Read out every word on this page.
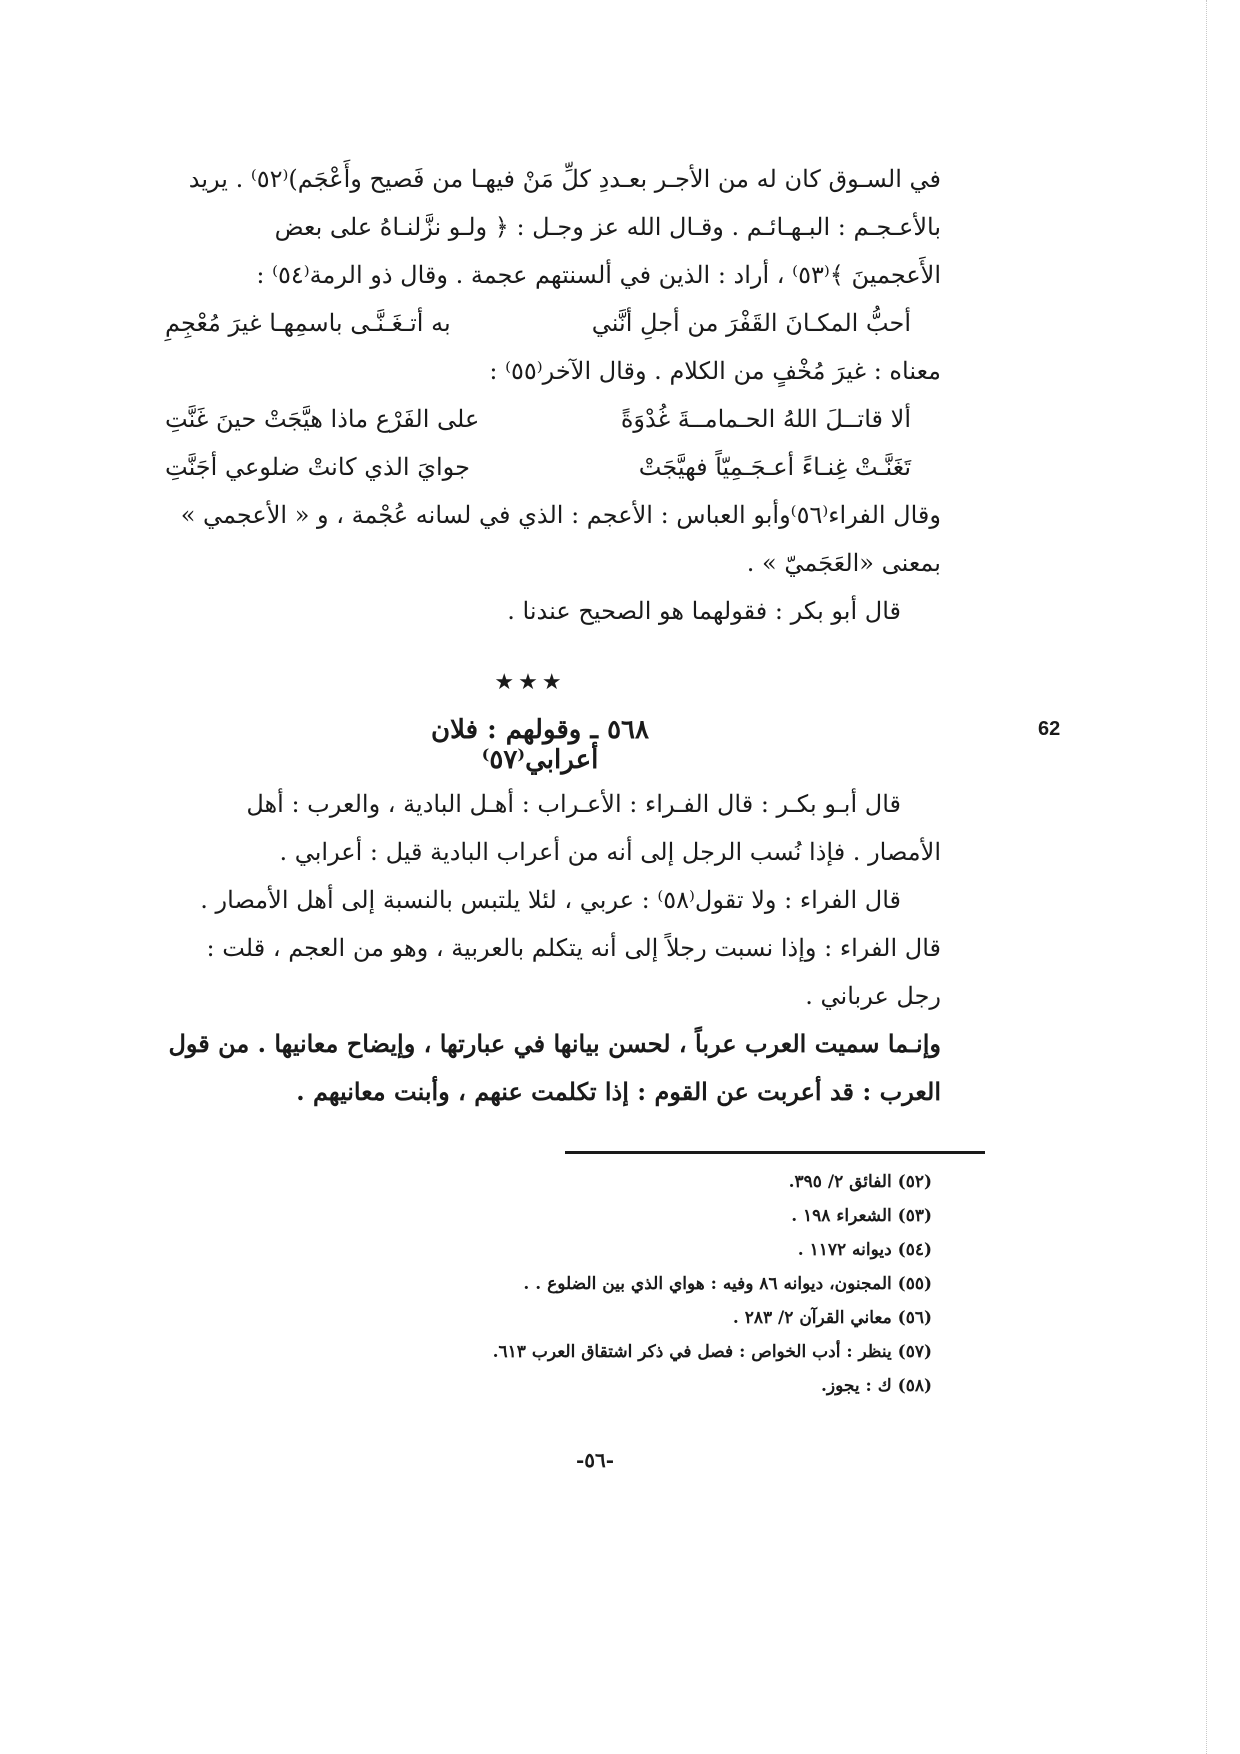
في السـوق كان له من الأجـر بعـددِ كلِّ مَنْ فيهـا من فَصيح وأَعْجَم)⁽٥٢⁾ . يريد
بالأعـجـم : البـهـائـم . وقـال الله عز وجـل : ﴿ ولـو نزَّلنـاهُ على بعض
الأَعجمينَ ﴾⁽٥٣⁾ ، أراد : الذين في ألسنتهم عجمة . وقال ذو الرمة⁽٥٤⁾ :
أحبُّ المكـانَ القَفْرَ من أجلِ أنَّني
به أتـغَـنَّـى باسمِهـا غيرَ مُعْجِمِ
معناه : غيرَ مُخْفٍ من الكلام . وقال الآخر⁽٥٥⁾ :
ألا قاتــلَ اللهُ الحـمامــةَ غُدْوَةً
على الفَرْع ماذا هيَّجَتْ حينَ غَنَّتِ
تَغَنَّـتْ غِنـاءً أعـجَـمِيّاً فهيَّجَتْ
جوايَ الذي كانتْ ضلوعي أجَنَّتِ
وقال الفراء⁽٥٦⁾وأبو العباس : الأعجم : الذي في لسانه عُجْمة ، و « الأعجمي »
بمعنى «العَجَميّ » .
قال أبو بكر : فقولهما هو الصحيح عندنا .
★★★
٥٦٨ ـ وقولهم : فلان أعرابي⁽٥٧⁾
62
قال أبـو بكـر : قال الفـراء : الأعـراب : أهـل البادية ، والعرب : أهل
الأمصار . فإذا نُسب الرجل إلى أنه من أعراب البادية قيل : أعرابي .
قال الفراء : ولا تقول⁽٥٨⁾ : عربي ، لئلا يلتبس بالنسبة إلى أهل الأمصار .
قال الفراء : وإذا نسبت رجلاً إلى أنه يتكلم بالعربية ، وهو من العجم ، قلت :
رجل عرباني .
وإنـما سميت العرب عرباً ، لحسن بيانها في عبارتها ، وإيضاح معانيها . من قول
العرب : قد أعربت عن القوم : إذا تكلمت عنهم ، وأبنت معانيهم .
(٥٢) الفائق ٢/ ٣٩٥.
(٥٣) الشعراء ١٩٨ .
(٥٤) ديوانه ١١٧٢ .
(٥٥) المجنون، ديوانه ٨٦ وفيه : هواي الذي بين الضلوع . .
(٥٦) معاني القرآن ٢/ ٢٨٣ .
(٥٧) ينظر : أدب الخواص : فصل في ذكر اشتقاق العرب ٦١٣.
(٥٨) ك : يجوز.
-٥٦-
